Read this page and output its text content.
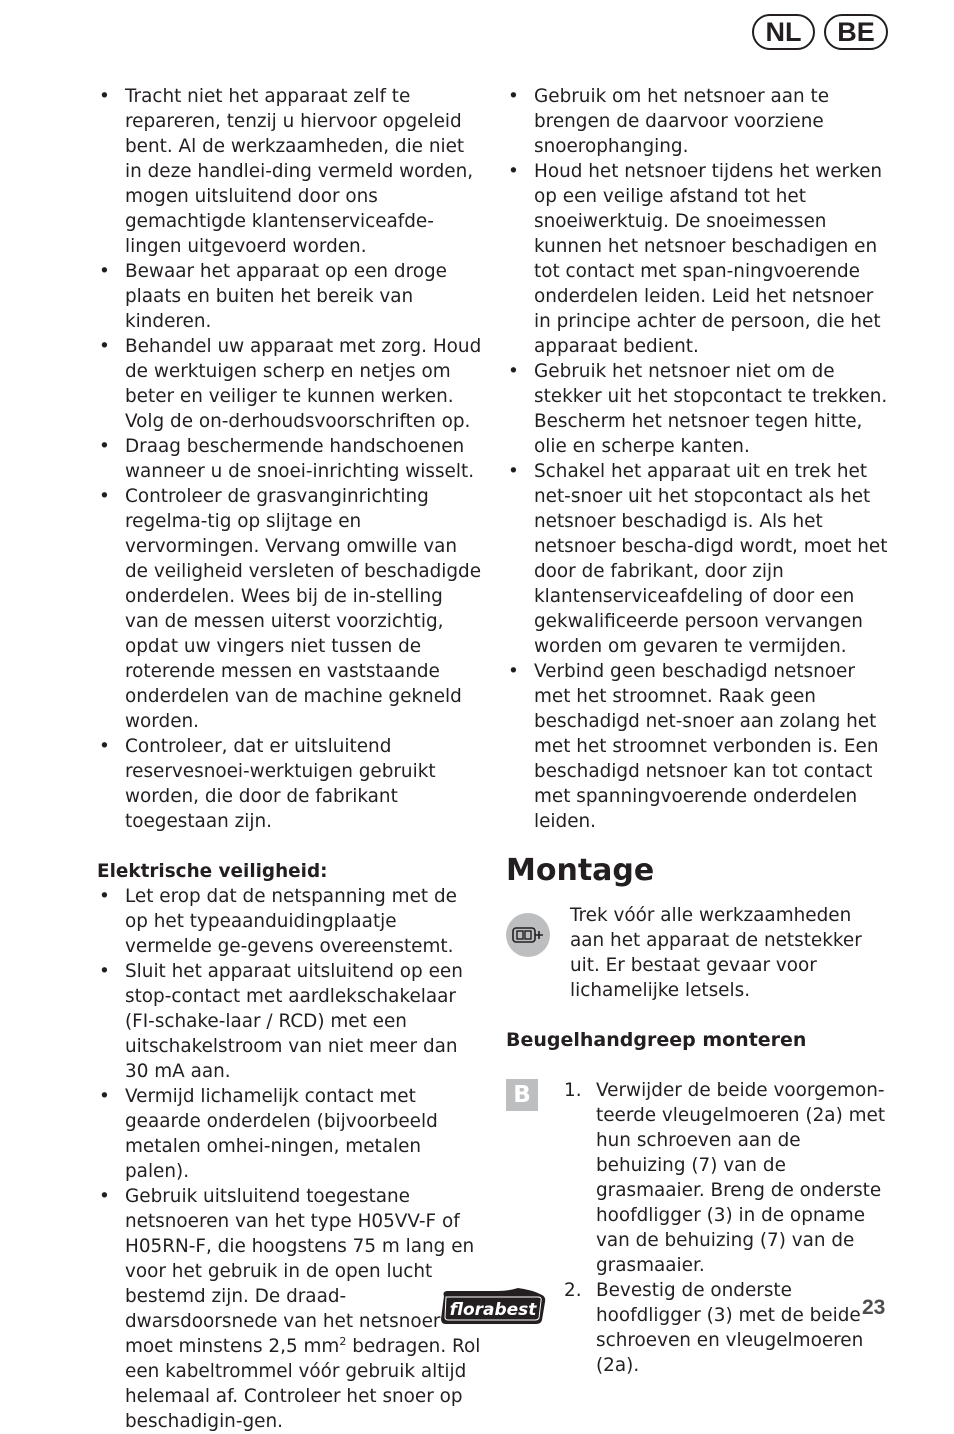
NL	BE
• Tracht niet het apparaat zelf te repareren, tenzij u hiervoor opgeleid bent. Al de werkzaamheden, die niet in deze handlei-ding vermeld worden, mogen uitsluitend door ons gemachtigde klantenserviceafde-lingen uitgevoerd worden.
• Bewaar het apparaat op een droge plaats en buiten het bereik van kinderen.
• Behandel uw apparaat met zorg. Houd de werktuigen scherp en netjes om beter en veiliger te kunnen werken. Volg de on-derhoudsvoorschriften op.
• Draag beschermende handschoenen wanneer u de snoei-inrichting wisselt.
• Controleer de grasvanginrichting regelma-tig op slijtage en vervormingen. Vervang omwille van de veiligheid versleten of beschadigde onderdelen. Wees bij de in-stelling van de messen uiterst voorzichtig, opdat uw vingers niet tussen de roterende messen en vaststaande onderdelen van de machine gekneld worden.
• Controleer, dat er uitsluitend reservesnoei-werktuigen gebruikt worden, die door de fabrikant toegestaan zijn.
Elektrische veiligheid:
• Let erop dat de netspanning met de op het typeaanduidingplaatje vermelde ge-gevens overeenstemt.
• Sluit het apparaat uitsluitend op een stop-contact met aardlekschakelaar (FI-schake-laar / RCD) met een uitschakelstroom van niet meer dan 30 mA aan.
• Vermijd lichamelijk contact met geaarde onderdelen (bijvoorbeeld metalen omhei-ningen, metalen palen).
• Gebruik uitsluitend toegestane netsnoeren van het type H05VV-F of H05RN-F, die hoogstens 75 m lang en voor het gebruik in de open lucht bestemd zijn. De draad-dwarsdoorsnede van het netsnoer moet minstens 2,5 $mm^2$ bedragen. Rol een kabeltrommel vóór gebruik altijd helemaal af. Controleer het snoer op beschadigin-gen.
• Gebruik om het netsnoer aan te brengen de daarvoor voorziene snoerophanging.
• Houd het netsnoer tijdens het werken op een veilige afstand tot het snoeiwerktuig. De snoeimessen kunnen het netsnoer beschadigen en tot contact met span-ningvoerende onderdelen leiden. Leid het netsnoer in principe achter de persoon, die het apparaat bedient.
• Gebruik het netsnoer niet om de stekker uit het stopcontact te trekken. Bescherm het netsnoer tegen hitte, olie en scherpe kanten.
• Schakel het apparaat uit en trek het net-snoer uit het stopcontact als het netsnoer beschadigd is. Als het netsnoer bescha-digd wordt, moet het door de fabrikant, door zijn klantenserviceafdeling of door een gekwalificeerde persoon vervangen worden om gevaren te vermijden.
• Verbind geen beschadigd netsnoer met het stroomnet. Raak geen beschadigd net-snoer aan zolang het met het stroomnet verbonden is. Een beschadigd netsnoer kan tot contact met spanningvoerende onderdelen leiden.
Montage
Trek vóór alle werkzaamheden aan het apparaat de netstekker uit. Er bestaat gevaar voor lichamelijke letsels.
Beugelhandgreep monteren
B	1. Verwijder de beide voorgemon-teerde vleugelmoeren (2a) met hun schroeven aan de behuizing (7) van de grasmaaier. Breng de onderste hoofdligger (3) in de opname van de behuizing (7) van de grasmaaier.
2. Bevestig de onderste hoofdligger (3) met de beide schroeven en vleugelmoeren (2a).
florabest	23
